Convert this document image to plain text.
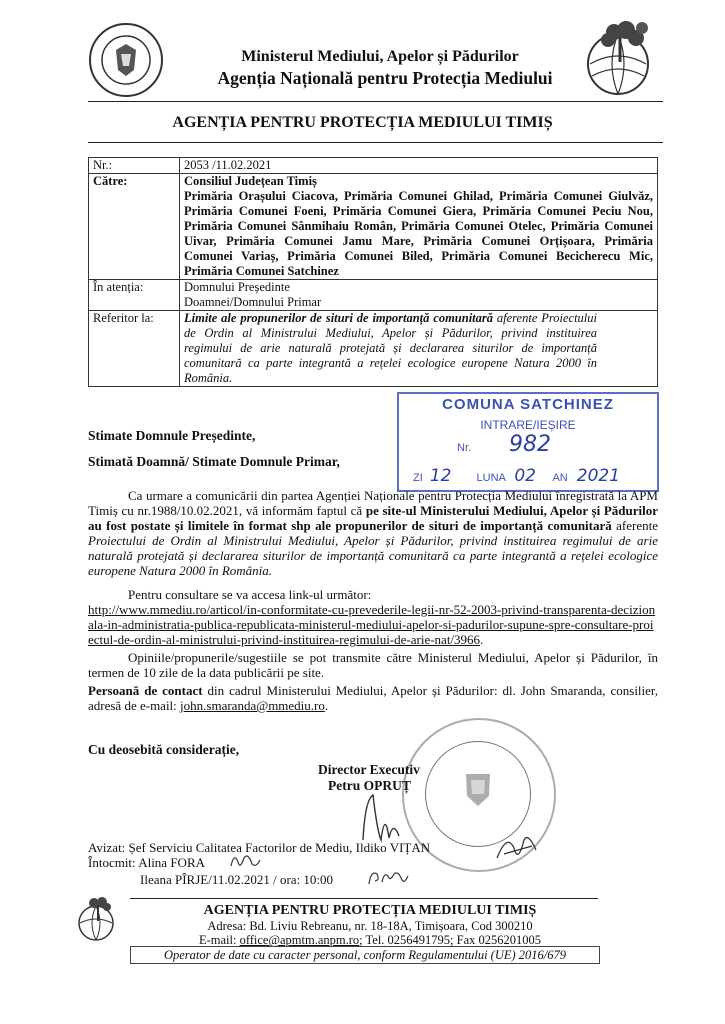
Ministerul Mediului, Apelor și Pădurilor
Agenția Națională pentru Protecția Mediului
AGENȚIA PENTRU PROTECȚIA MEDIULUI TIMIȘ
Nr.:	2053 /11.02.2021
Către:	Consiliul Județean Timiș
Primăria Orașului Ciacova, Primăria Comunei Ghilad, Primăria Comunei Giulvăz, Primăria Comunei Foeni, Primăria Comunei Giera, Primăria Comunei Peciu Nou, Primăria Comunei Sânmihaiu Român, Primăria Comunei Otelec, Primăria Comunei Uivar, Primăria Comunei Jamu Mare, Primăria Comunei Orțișoara, Primăria Comunei Variaș, Primăria Comunei Biled, Primăria Comunei Becicherecu Mic, Primăria Comunei Satchinez

În atenția:	Domnului Președinte
Doamnei/Domnului Primar

Referitor la:	Limite ale propunerilor de situri de importanță comunitară aferente Proiectului de Ordin al Ministrului Mediului, Apelor și Pădurilor, privind instituirea regimului de arie naturală protejată și declararea siturilor de importanță comunitară ca parte integrantă a rețelei ecologice europene Natura 2000 în România.
COMUNA SATCHINEZ
INTRARE/IEȘIRE
Nr. 982
ZI 12 LUNA 02 AN 2021
Stimate Domnule Președinte,
Stimată Doamnă/ Stimate Domnule Primar,
Ca urmare a comunicării din partea Agenției Naționale pentru Protecția Mediului înregistrată la APM Timiș cu nr.1988/10.02.2021, vă informăm faptul că pe site-ul Ministerului Mediului, Apelor și Pădurilor au fost postate și limitele în format shp ale propunerilor de situri de importanță comunitară aferente Proiectului de Ordin al Ministrului Mediului, Apelor și Pădurilor, privind instituirea regimului de arie naturală protejată și declararea siturilor de importanță comunitară ca parte integrantă a rețelei ecologice europene Natura 2000 în România.
Pentru consultare se va accesa link-ul următor:
http://www.mmediu.ro/articol/in-conformitate-cu-prevederile-legii-nr-52-2003-privind-transparenta-decizionala-in-administratia-publica-republicata-ministerul-mediului-apelor-si-padurilor-supune-spre-consultare-proiectul-de-ordin-al-ministrului-privind-instituirea-regimului-de-arie-nat/3966.
Opiniile/propunerile/sugestiile se pot transmite către Ministerul Mediului, Apelor și Pădurilor, în termen de 10 zile de la data publicării pe site.
Persoană de contact din cadrul Ministerului Mediului, Apelor și Pădurilor: dl. John Smaranda, consilier, adresă de e-mail: john.smaranda@mmediu.ro.
Cu deosebită considerație,
Director Executiv
Petru OPRUȚ
Avizat: Șef Serviciu Calitatea Factorilor de Mediu, Ildiko VIȚAN
Întocmit: Alina FORA
Ileana PÎRJE/11.02.2021 / ora: 10:00
AGENȚIA PENTRU PROTECȚIA MEDIULUI TIMIȘ
Adresa: Bd. Liviu Rebreanu, nr. 18-18A, Timișoara, Cod 300210
E-mail: office@apmtm.anpm.ro; Tel. 0256491795; Fax 0256201005
Operator de date cu caracter personal, conform Regulamentului (UE) 2016/679
